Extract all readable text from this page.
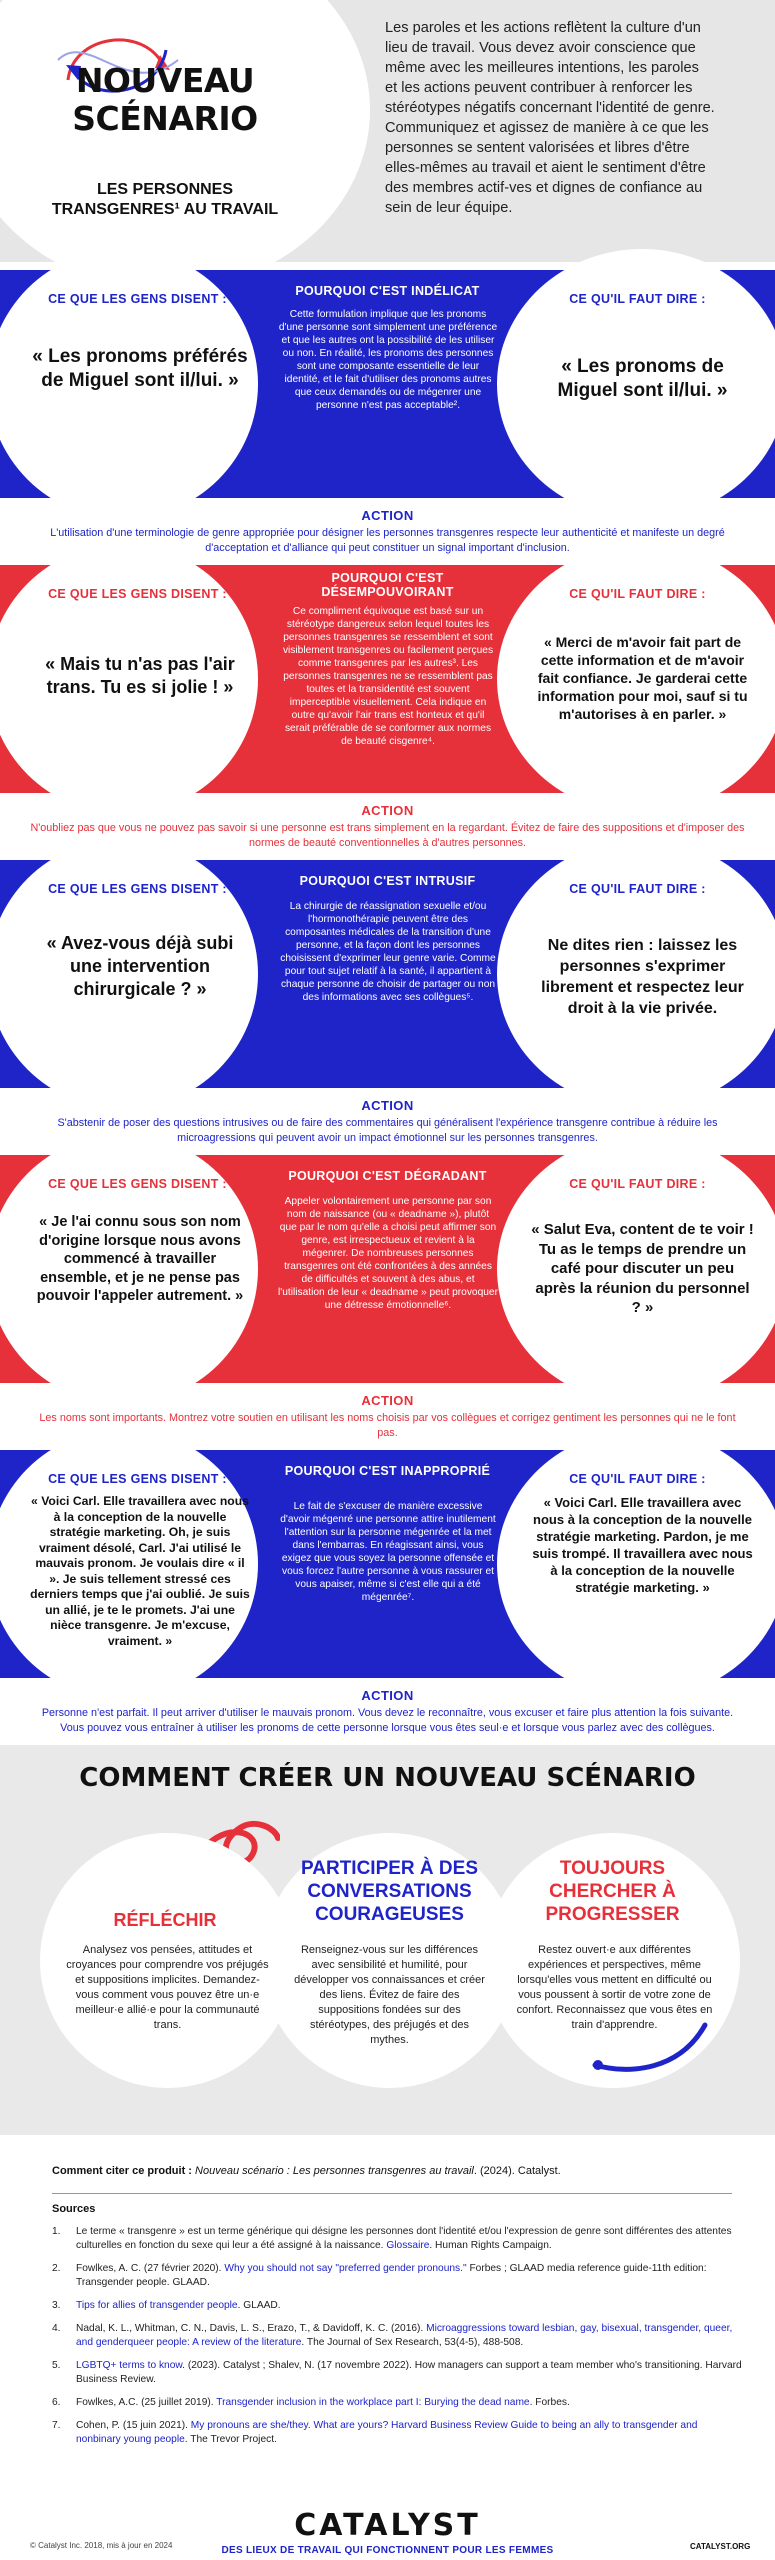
NOUVEAU
SCÉNARIO
LES PERSONNES
TRANSGENRES¹ AU TRAVAIL

Les paroles et les actions reflètent la culture d'un lieu de travail. Vous devez avoir conscience que même avec les meilleures intentions, les paroles et les actions peuvent contribuer à renforcer les stéréotypes négatifs concernant l'identité de genre. Communiquez et agissez de manière à ce que les personnes se sentent valorisées et libres d'être elles-mêmes au travail et aient le sentiment d'être des membres actif-ves et dignes de confiance au sein de leur équipe.

CE QUE LES GENS DISENT :
POURQUOI C'EST INDÉLICAT
CE QU'IL FAUT DIRE :
« Les pronoms préférés de Miguel sont il/lui. »
Cette formulation implique que les pronoms d'une personne sont simplement une préférence et que les autres ont la possibilité de les utiliser ou non. En réalité, les pronoms des personnes sont une composante essentielle de leur identité, et le fait d'utiliser des pronoms autres que ceux demandés ou de mégenrer une personne n'est pas acceptable².
« Les pronoms de Miguel sont il/lui. »
ACTION
L'utilisation d'une terminologie de genre appropriée pour désigner les personnes transgenres respecte leur authenticité et manifeste un degré d'acceptation et d'alliance qui peut constituer un signal important d'inclusion.
CE QUE LES GENS DISENT :
POURQUOI C'EST DÉSEMPOUVOIRANT	CE QU'IL FAUT DIRE :
« Mais tu n'as pas l'air trans. Tu es si jolie ! »
Ce compliment équivoque est basé sur un stéréotype dangereux selon lequel toutes les personnes transgenres se ressemblent et sont visiblement transgenres ou facilement perçues comme transgenres par les autres³. Les personnes transgenres ne se ressemblent pas toutes et la transidentité est souvent imperceptible visuellement. Cela indique en outre qu'avoir l'air trans est honteux et qu'il serait préférable de se conformer aux normes de beauté cisgenre⁴.
« Merci de m'avoir fait part de cette information et de m'avoir fait confiance. Je garderai cette information pour moi, sauf si tu m'autorises à en parler. »
ACTION
N'oubliez pas que vous ne pouvez pas savoir si une personne est trans simplement en la regardant. Évitez de faire des suppositions et d'imposer des normes de beauté conventionnelles à d'autres personnes.
CE QUE LES GENS DISENT :
POURQUOI C'EST INTRUSIF
CE QU'IL FAUT DIRE :
« Avez-vous déjà subi une intervention chirurgicale ? »
La chirurgie de réassignation sexuelle et/ou l'hormonothérapie peuvent être des composantes médicales de la transition d'une personne, et la façon dont les personnes choisissent d'exprimer leur genre varie. Comme pour tout sujet relatif à la santé, il appartient à chaque personne de choisir de partager ou non des informations avec ses collègues⁵.
Ne dites rien : laissez les personnes s'exprimer librement et respectez leur droit à la vie privée.
ACTION
S'abstenir de poser des questions intrusives ou de faire des commentaires qui généralisent l'expérience transgenre contribue à réduire les microagressions qui peuvent avoir un impact émotionnel sur les personnes transgenres.
CE QUE LES GENS DISENT :
POURQUOI C'EST DÉGRADANT
CE QU'IL FAUT DIRE :
« Je l'ai connu sous son nom d'origine lorsque nous avons commencé à travailler ensemble, et je ne pense pas pouvoir l'appeler autrement. »
Appeler volontairement une personne par son nom de naissance (ou « deadname »), plutôt que par le nom qu'elle a choisi peut affirmer son genre, est irrespectueux et revient à la mégenrer. De nombreuses personnes transgenres ont été confrontées à des années de difficultés et souvent à des abus, et l'utilisation de leur « deadname » peut provoquer une détresse émotionnelle⁶.
« Salut Eva, content de te voir ! Tu as le temps de prendre un café pour discuter un peu après la réunion du personnel ? »
ACTION
Les noms sont importants. Montrez votre soutien en utilisant les noms choisis par vos collègues et corrigez gentiment les personnes qui ne le font pas.
CE QUE LES GENS DISENT :
POURQUOI C'EST INAPPROPRIÉ
CE QU'IL FAUT DIRE :
« Voici Carl. Elle travaillera avec nous à la conception de la nouvelle stratégie marketing. Oh, je suis vraiment désolé, Carl. J'ai utilisé le mauvais pronom. Je voulais dire « il ». Je suis tellement stressé ces derniers temps que j'ai oublié. Je suis un allié, je te le promets. J'ai une nièce transgenre. Je m'excuse, vraiment. »
Le fait de s'excuser de manière excessive d'avoir mégenré une personne attire inutilement l'attention sur la personne mégenrée et la met dans l'embarras. En réagissant ainsi, vous exigez que vous soyez la personne offensée et vous forcez l'autre personne à vous rassurer et vous apaiser, même si c'est elle qui a été mégenrée⁷.
« Voici Carl. Elle travaillera avec nous à la conception de la nouvelle stratégie marketing. Pardon, je me suis trompé. Il travaillera avec nous à la conception de la nouvelle stratégie marketing. »
ACTION
Personne n'est parfait. Il peut arriver d'utiliser le mauvais pronom. Vous devez le reconnaître, vous excuser et faire plus attention la fois suivante. Vous pouvez vous entraîner à utiliser les pronoms de cette personne lorsque vous êtes seul·e et lorsque vous parlez avec des collègues.
COMMENT CRÉER UN NOUVEAU SCÉNARIO
RÉFLÉCHIR
Analysez vos pensées, attitudes et croyances pour comprendre vos préjugés et suppositions implicites. Demandez-vous comment vous pouvez être un·e meilleur·e allié·e pour la communauté trans.
PARTICIPER À DES CONVERSATIONS COURAGEUSES
Renseignez-vous sur les différences avec sensibilité et humilité, pour développer vos connaissances et créer des liens. Évitez de faire des suppositions fondées sur des stéréotypes, des préjugés et des mythes.
TOUJOURS CHERCHER À PROGRESSER
Restez ouvert·e aux différentes expériences et perspectives, même lorsqu'elles vous mettent en difficulté ou vous poussent à sortir de votre zone de confort. Reconnaissez que vous êtes en train d'apprendre.
Comment citer ce produit : Nouveau scénario : Les personnes transgenres au travail. (2024). Catalyst.
Sources
1. Le terme « transgenre » est un terme générique qui désigne les personnes dont l'identité et/ou l'expression de genre sont différentes des attentes culturelles en fonction du sexe qui leur a été assigné à la naissance. Glossaire. Human Rights Campaign.
2. Fowlkes, A. C. (27 février 2020). Why you should not say "preferred gender pronouns." Forbes ; GLAAD media reference guide-11th edition: Transgender people. GLAAD.
3. Tips for allies of transgender people. GLAAD.
4. Nadal, K. L., Whitman, C. N., Davis, L. S., Erazo, T., & Davidoff, K. C. (2016). Microaggressions toward lesbian, gay, bisexual, transgender, queer, and genderqueer people: A review of the literature. The Journal of Sex Research, 53(4-5), 488-508.
5. LGBTQ+ terms to know. (2023). Catalyst ; Shalev, N. (17 novembre 2022). How managers can support a team member who's transitioning. Harvard Business Review.
6. Fowlkes, A.C. (25 juillet 2019). Transgender inclusion in the workplace part I: Burying the dead name. Forbes.
7. Cohen, P. (15 juin 2021). My pronouns are she/they. What are yours? Harvard Business Review Guide to being an ally to transgender and nonbinary young people. The Trevor Project.
© Catalyst Inc. 2018, mis à jour en 2024
CATALYST
DES LIEUX DE TRAVAIL QUI FONCTIONNENT POUR LES FEMMES	CATALYST.ORG
